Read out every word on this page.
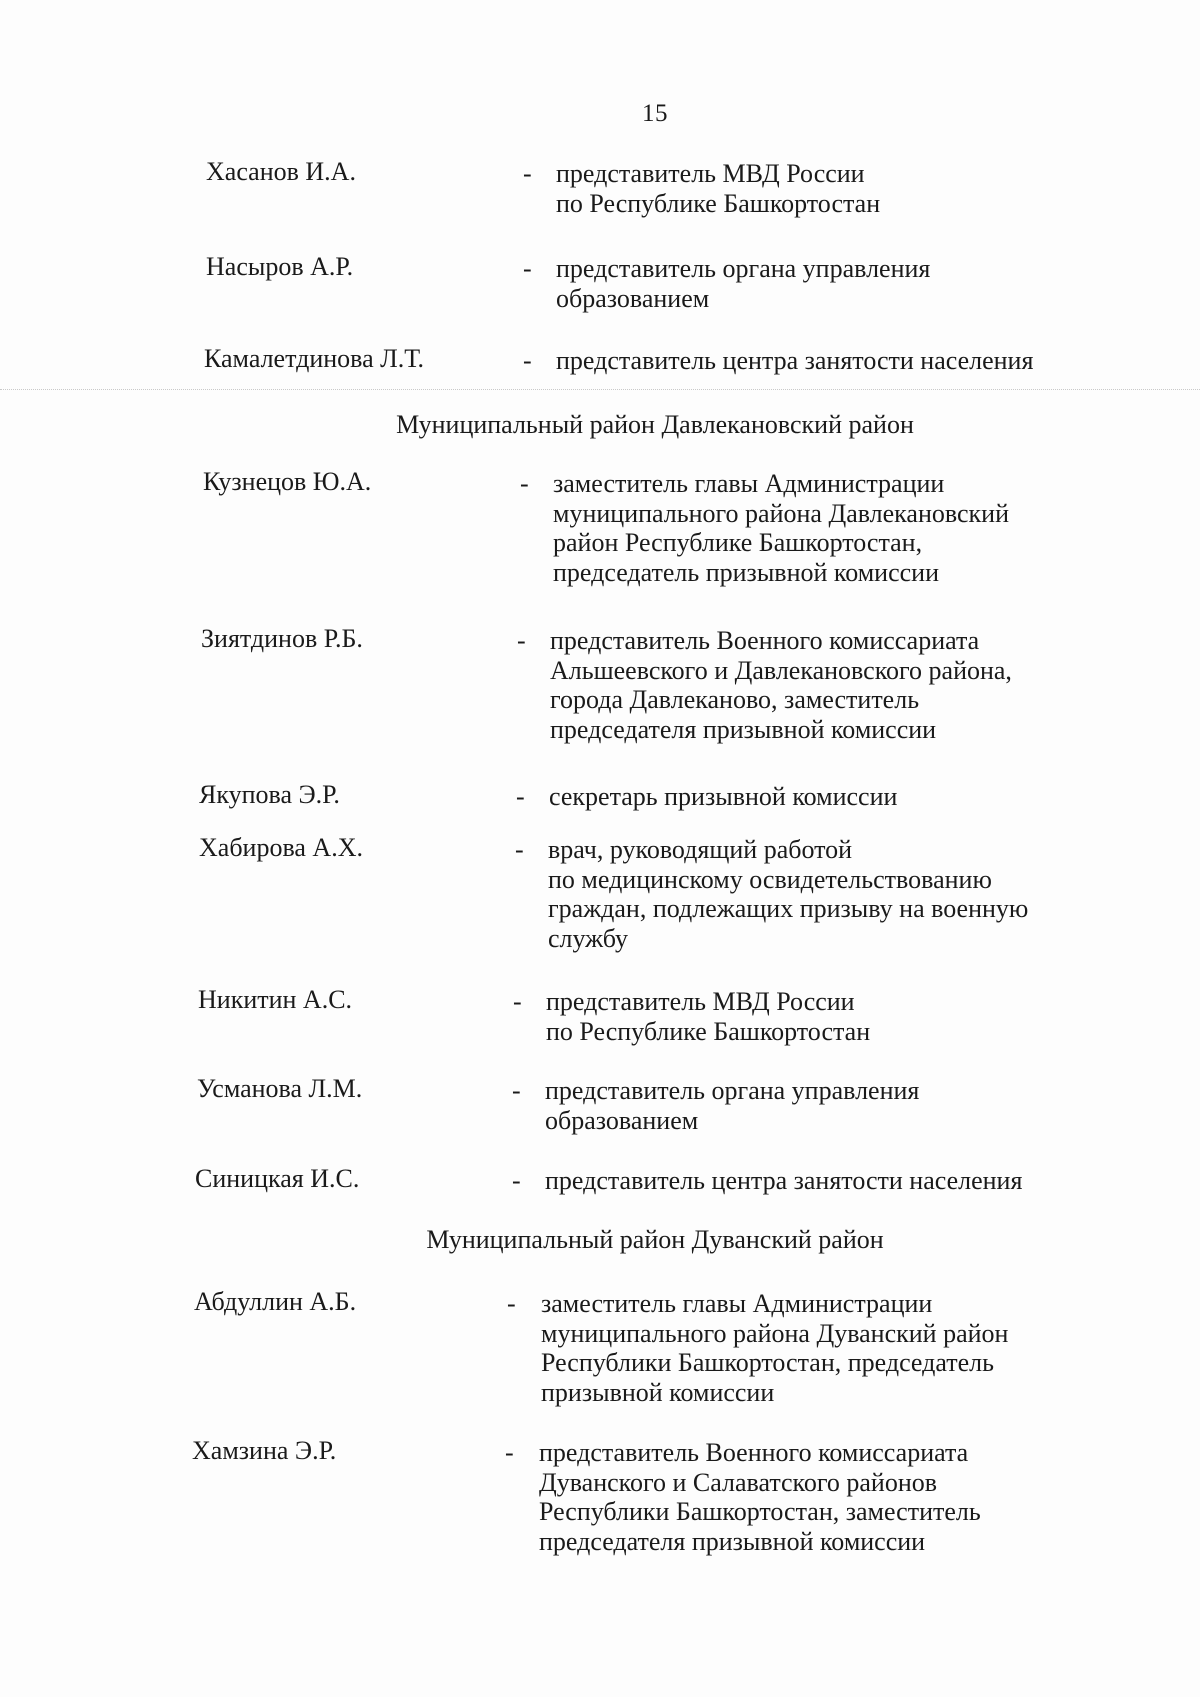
15
Хасанов И.А.	- представитель МВД России
по Республике Башкортостан
Насыров А.Р.	- представитель органа управления
образованием
Камалетдинова Л.Т.	- представитель центра занятости населения
Муниципальный район Давлекановский район
Кузнецов Ю.А.	- заместитель главы Администрации
муниципального района Давлекановский
район Республике Башкортостан,
председатель призывной комиссии
Зиятдинов Р.Б.	- представитель Военного комиссариата
Альшеевского и Давлекановского района,
города Давлеканово, заместитель
председателя призывной комиссии
Якупова Э.Р.	- секретарь призывной комиссии
Хабирова А.Х.	- врач, руководящий работой
по медицинскому освидетельствованию
граждан, подлежащих призыву на военную
службу
Никитин А.С.	- представитель МВД России
по Республике Башкортостан
Усманова Л.М.	- представитель органа управления
образованием
Синицкая И.С.	- представитель центра занятости населения
Муниципальный район Дуванский район
Абдуллин А.Б.	- заместитель главы Администрации
муниципального района Дуванский район
Республики Башкортостан, председатель
призывной комиссии
Хамзина Э.Р.	- представитель Военного комиссариата
Дуванского и Салаватского районов
Республики Башкортостан, заместитель
председателя призывной комиссии
